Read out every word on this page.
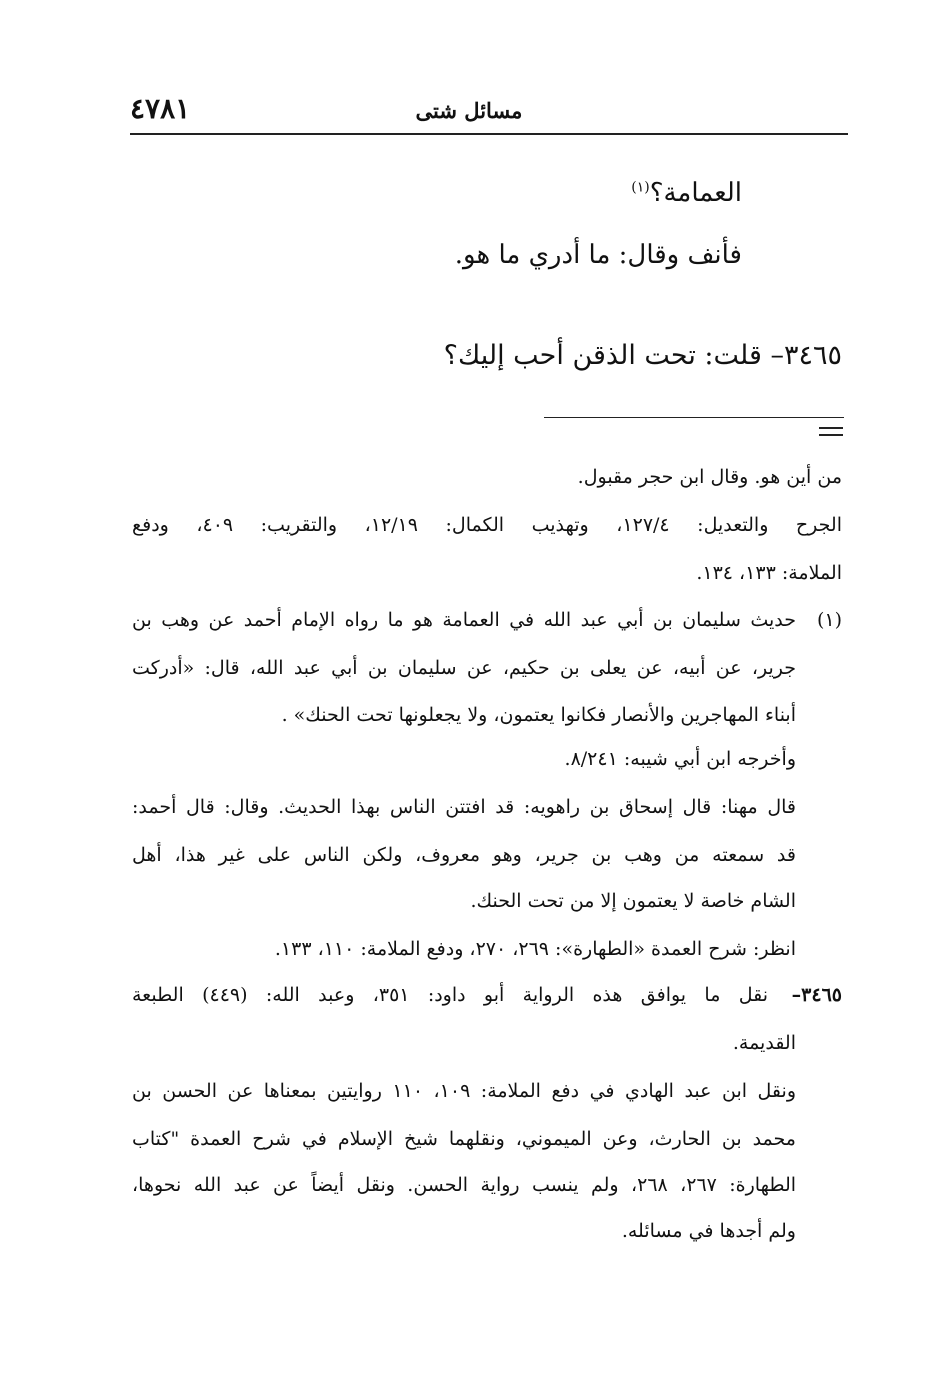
٤٧٨١	مسائل شتى
العمامة؟$^{(١)}$
فأنف وقال: ما أدري ما هو.
٣٤٦٥– قلت: تحت الذقن أحب إليك؟
من أين هو. وقال ابن حجر مقبول.
الجرح والتعديل: ١٢٧/٤، وتهذيب الكمال: ١٢/١٩، والتقريب: ٤٠٩، ودفع
الملامة: ١٣٣، ١٣٤.
(١)
حديث سليمان بن أبي عبد الله في العمامة هو ما رواه الإمام أحمد عن وهب بن
جرير، عن أبيه، عن يعلى بن حكيم، عن سليمان بن أبي عبد الله، قال: «أدركت
أبناء المهاجرين والأنصار فكانوا يعتمون، ولا يجعلونها تحت الحنك» .
وأخرجه ابن أبي شيبه: ٨/٢٤١.
قال مهنا: قال إسحاق بن راهويه: قد افتتن الناس بهذا الحديث. وقال: قال أحمد:
قد سمعته من وهب بن جرير، وهو معروف، ولكن الناس على غير هذا، أهل
الشام خاصة لا يعتمون إلا من تحت الحنك.
انظر: شرح العمدة «الطهارة»: ٢٦٩، ٢٧٠، ودفع الملامة: ١١٠، ١٣٣.
٣٤٦٥–
نقل ما يوافق هذه الرواية أبو داود: ٣٥١، وعبد الله: (٤٤٩) الطبعة
القديمة.
ونقل ابن عبد الهادي في دفع الملامة: ١٠٩، ١١٠ روايتين بمعناها عن الحسن بن
محمد بن الحارث، وعن الميموني، ونقلهما شيخ الإسلام في شرح العمدة "كتاب
الطهارة: ٢٦٧، ٢٦٨، ولم ينسب رواية الحسن. ونقل أيضاً عن عبد الله نحوها،
ولم أجدها في مسائله.
